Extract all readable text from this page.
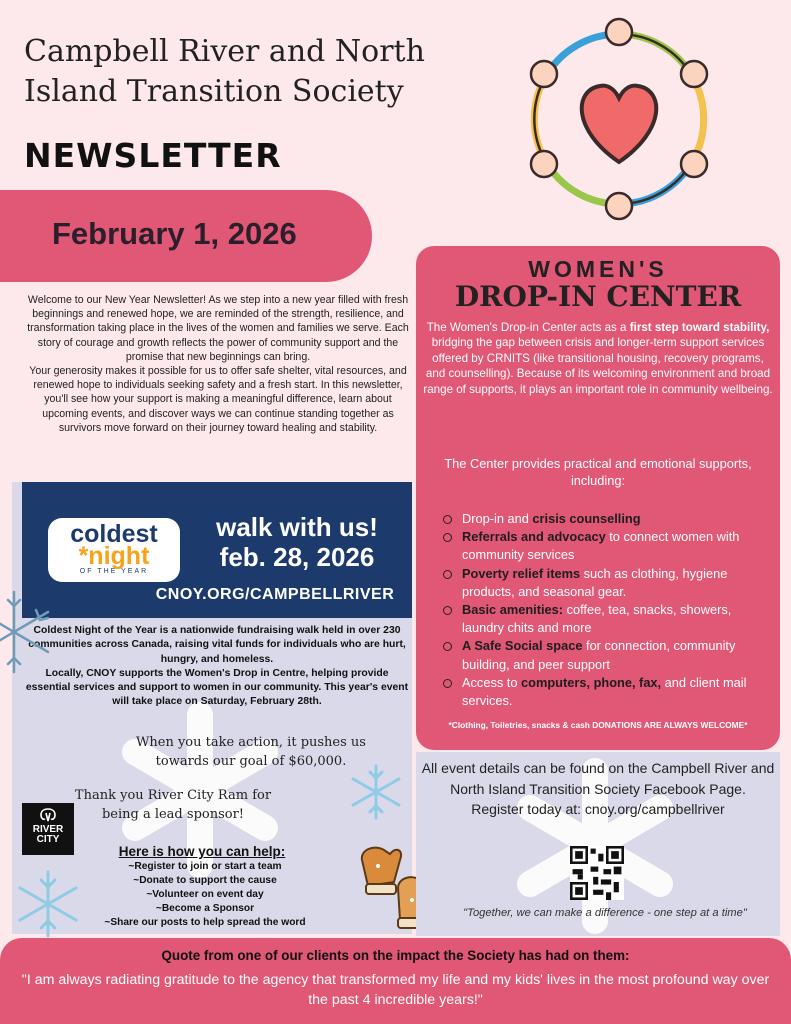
Campbell River and North
Island Transition Society
NEWSLETTER
February 1, 2026

Welcome to our New Year Newsletter! As we step into a new year filled with fresh beginnings and renewed hope, we are reminded of the strength, resilience, and transformation taking place in the lives of the women and families we serve. Each story of courage and growth reflects the power of community support and the promise that new beginnings can bring.

Your generosity makes it possible for us to offer safe shelter, vital resources, and renewed hope to individuals seeking safety and a fresh start. In this newsletter, you'll see how your support is making a meaningful difference, learn about upcoming events, and discover ways we can continue standing together as survivors move forward on their journey toward healing and stability.

WOMEN'S
DROP-IN CENTER
The Women's Drop-in Center acts as a first step toward stability, bridging the gap between crisis and longer-term support services offered by CRNITS (like transitional housing, recovery programs, and counselling). Because of its welcoming environment and broad range of supports, it plays an important role in community wellbeing.
The Center provides practical and emotional supports, including:
Drop-in and crisis counselling
Referrals and advocacy to connect women with community services
Poverty relief items such as clothing, hygiene products, and seasonal gear.
Basic amenities: coffee, tea, snacks, showers, laundry chits and more
A Safe Social space for connection, community building, and peer support
Access to computers, phone, fax, and client mail services.
*Clothing, Toiletries, snacks & cash DONATIONS ARE ALWAYS WELCOME*
coldest
*night
OF THE YEAR
walk with us!
feb. 28, 2026
CNOY.ORG/CAMPBELLRIVER
Coldest Night of the Year is a nationwide fundraising walk held in over 230 communities across Canada, raising vital funds for individuals who are hurt, hungry, and homeless.
Locally, CNOY supports the Women's Drop in Centre, helping provide essential services and support to women in our community. This year's event will take place on Saturday, February 28th.
When you take action, it pushes us towards our goal of $60,000.
Thank you River City Ram for being a lead sponsor!
RIVER
CITY
Here is how you can help:
~Register to join or start a team
~Donate to support the cause
~Volunteer on event day
~Become a Sponsor
~Share our posts to help spread the word
All event details can be found on the Campbell River and North Island Transition Society Facebook Page.
Register today at: cnoy.org/campbellriver
"Together, we can make a difference - one step at a time"
Quote from one of our clients on the impact the Society has had on them:
"I am always radiating gratitude to the agency that transformed my life and my kids' lives in the most profound way over the past 4 incredible years!"
